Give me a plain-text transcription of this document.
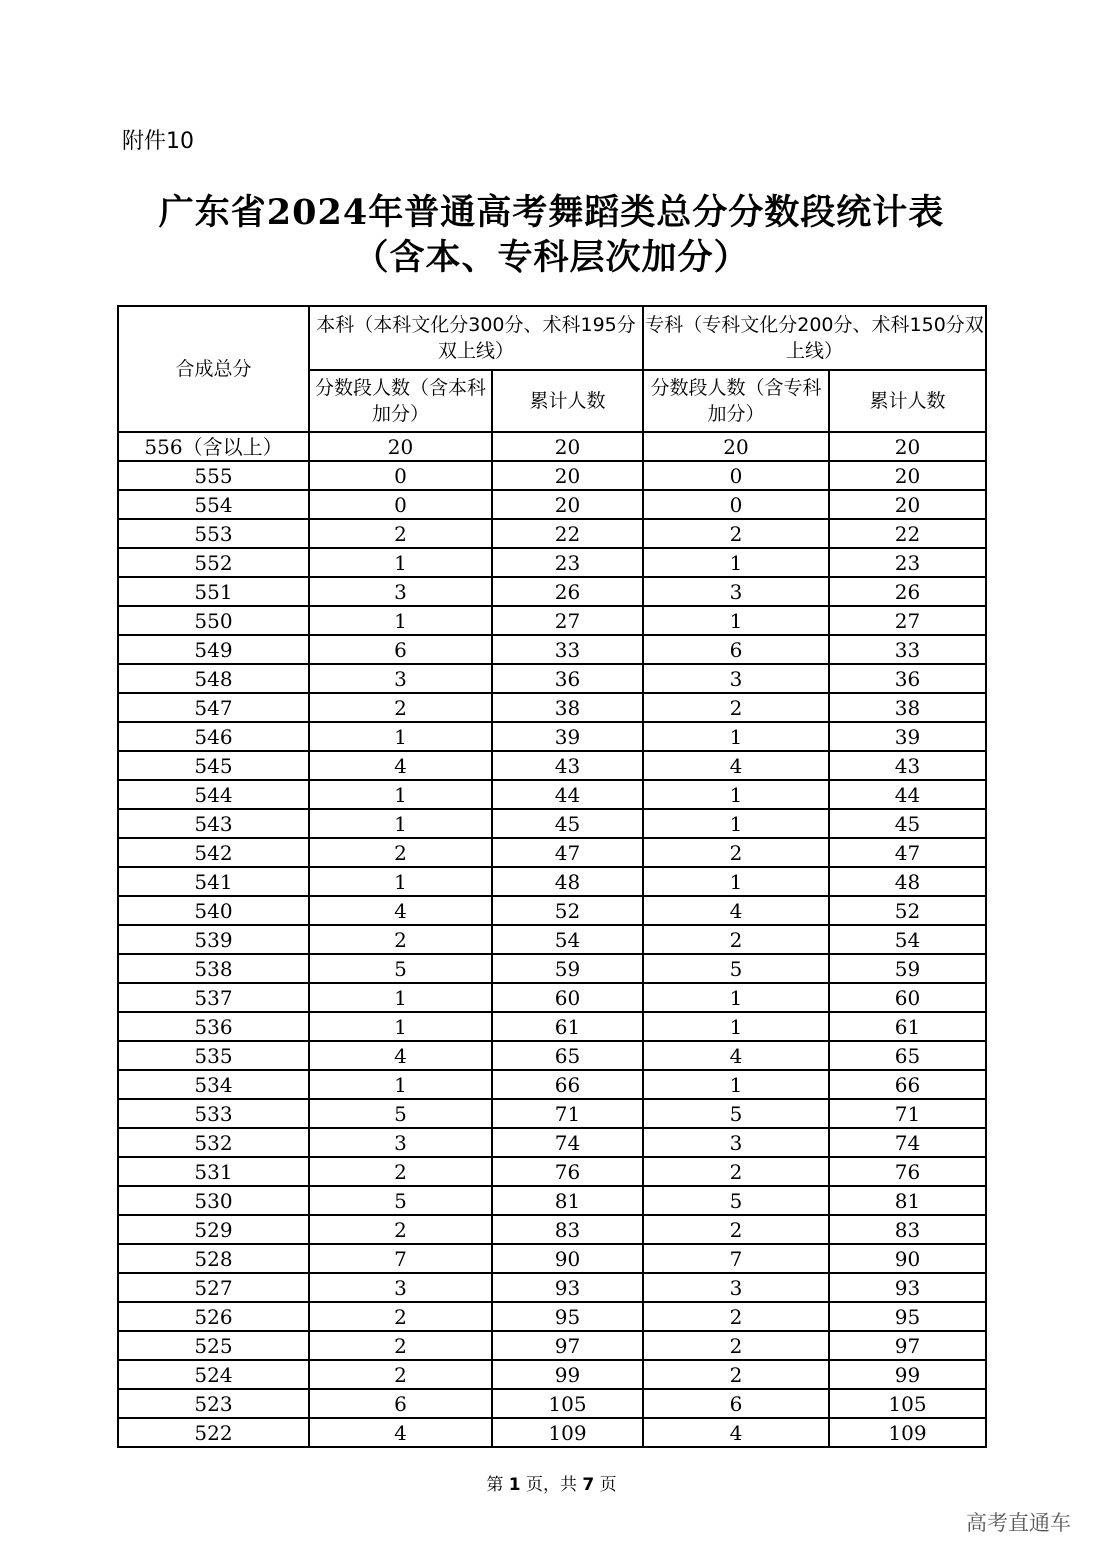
附件10
广东省2024年普通高考舞蹈类总分分数段统计表
（含本、专科层次加分）
合成总分	本科（本科文化分300分、术科195分双上线）		专科（专科文化分200分、术科150分双上线）	
	分数段人数（含本科加分）	累计人数	分数段人数（含专科加分）	累计人数
556（含以上）	20	20	20	20
555	0	20	0	20
554	0	20	0	20
553	2	22	2	22
552	1	23	1	23
551	3	26	3	26
550	1	27	1	27
549	6	33	6	33
548	3	36	3	36
547	2	38	2	38
546	1	39	1	39
545	4	43	4	43
544	1	44	1	44
543	1	45	1	45
542	2	47	2	47
541	1	48	1	48
540	4	52	4	52
539	2	54	2	54
538	5	59	5	59
537	1	60	1	60
536	1	61	1	61
535	4	65	4	65
534	1	66	1	66
533	5	71	5	71
532	3	74	3	74
531	2	76	2	76
530	5	81	5	81
529	2	83	2	83
528	7	90	7	90
527	3	93	3	93
526	2	95	2	95
525	2	97	2	97
524	2	99	2	99
523	6	105	6	105
522	4	109	4	109
第 1 页，共 7 页
高考直通车
